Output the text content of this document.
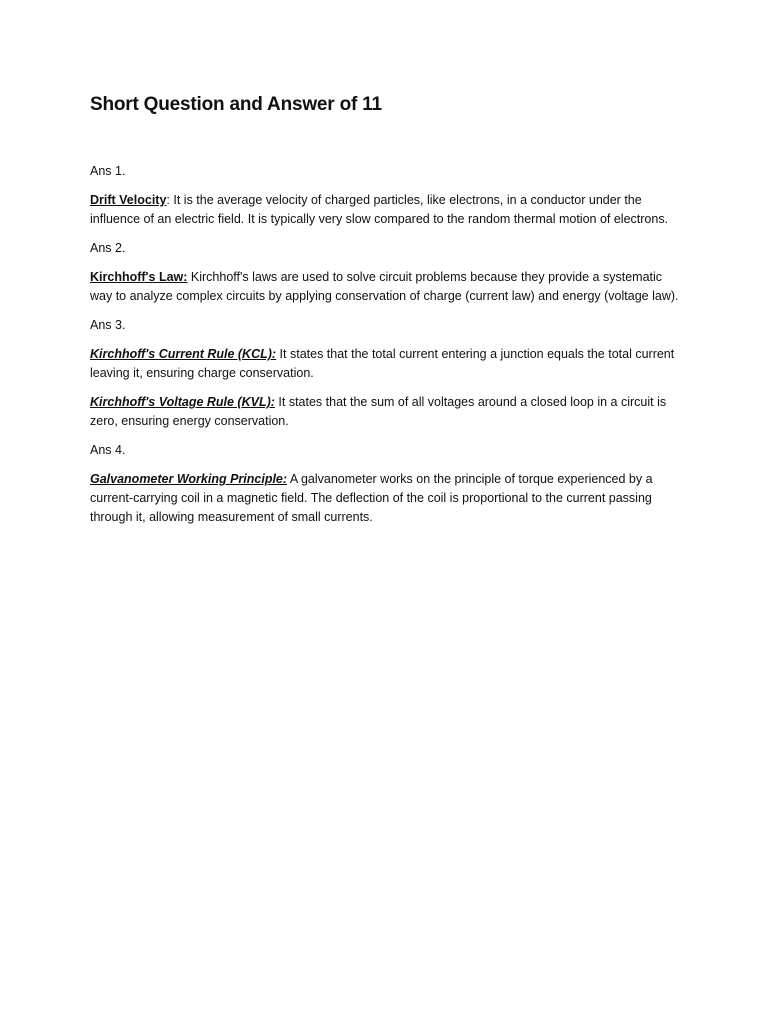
Short Question and Answer of 11
Ans 1.

Drift Velocity: It is the average velocity of charged particles, like electrons, in a conductor under the influence of an electric field. It is typically very slow compared to the random thermal motion of electrons.

Ans 2.

Kirchhoff's Law: Kirchhoff's laws are used to solve circuit problems because they provide a systematic way to analyze complex circuits by applying conservation of charge (current law) and energy (voltage law).

Ans 3.

Kirchhoff's Current Rule (KCL): It states that the total current entering a junction equals the total current leaving it, ensuring charge conservation.

Kirchhoff's Voltage Rule (KVL): It states that the sum of all voltages around a closed loop in a circuit is zero, ensuring energy conservation.

Ans 4.

Galvanometer Working Principle: A galvanometer works on the principle of torque experienced by a current-carrying coil in a magnetic field. The deflection of the coil is proportional to the current passing through it, allowing measurement of small currents.
